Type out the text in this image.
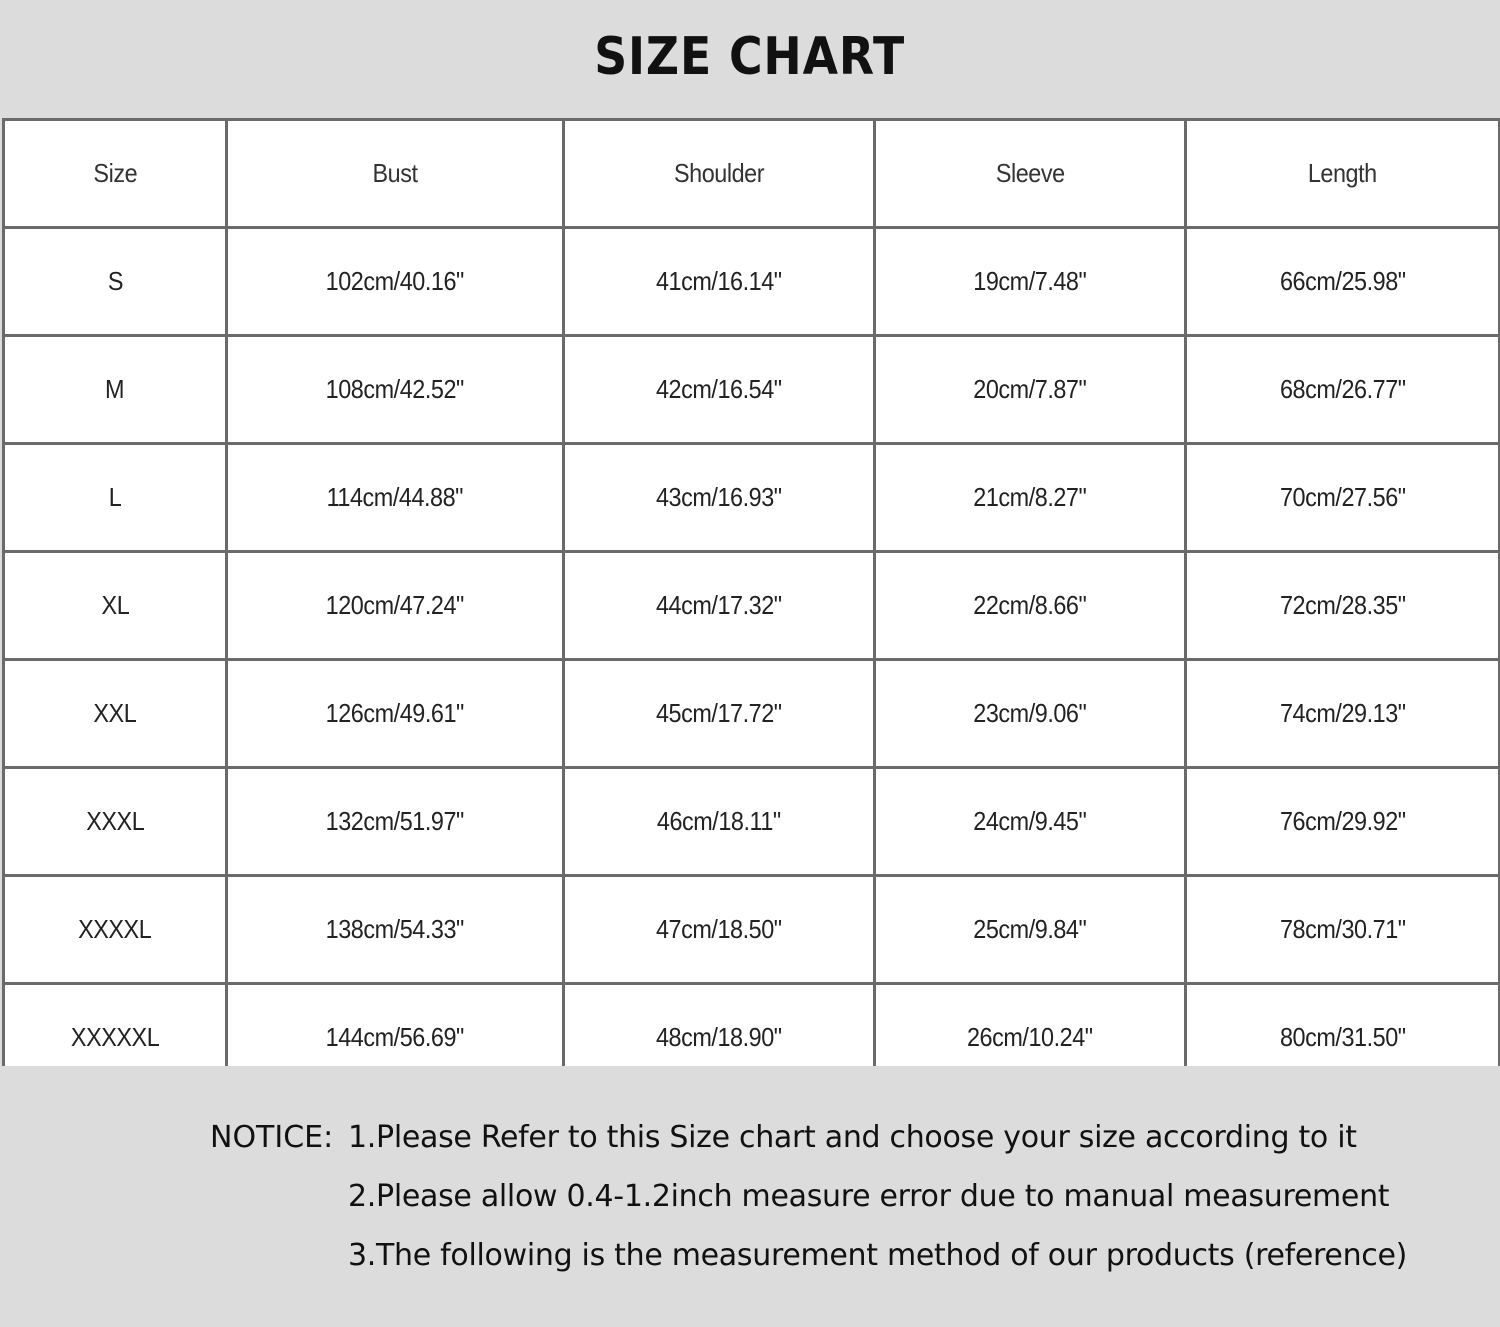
SIZE CHART
Size	Bust	Shoulder	Sleeve	Length
S	102cm/40.16"	41cm/16.14"	19cm/7.48"	66cm/25.98"
M	108cm/42.52"	42cm/16.54"	20cm/7.87"	68cm/26.77"
L	114cm/44.88"	43cm/16.93"	21cm/8.27"	70cm/27.56"
XL	120cm/47.24"	44cm/17.32"	22cm/8.66"	72cm/28.35"
XXL	126cm/49.61"	45cm/17.72"	23cm/9.06"	74cm/29.13"
XXXL	132cm/51.97"	46cm/18.11"	24cm/9.45"	76cm/29.92"
XXXXL	138cm/54.33"	47cm/18.50"	25cm/9.84"	78cm/30.71"
XXXXXL	144cm/56.69"	48cm/18.90"	26cm/10.24"	80cm/31.50"
NOTICE: 1.Please Refer to this Size chart and choose your size according to it
2.Please allow 0.4-1.2inch measure error due to manual measurement
3.The following is the measurement method of our products (reference)
